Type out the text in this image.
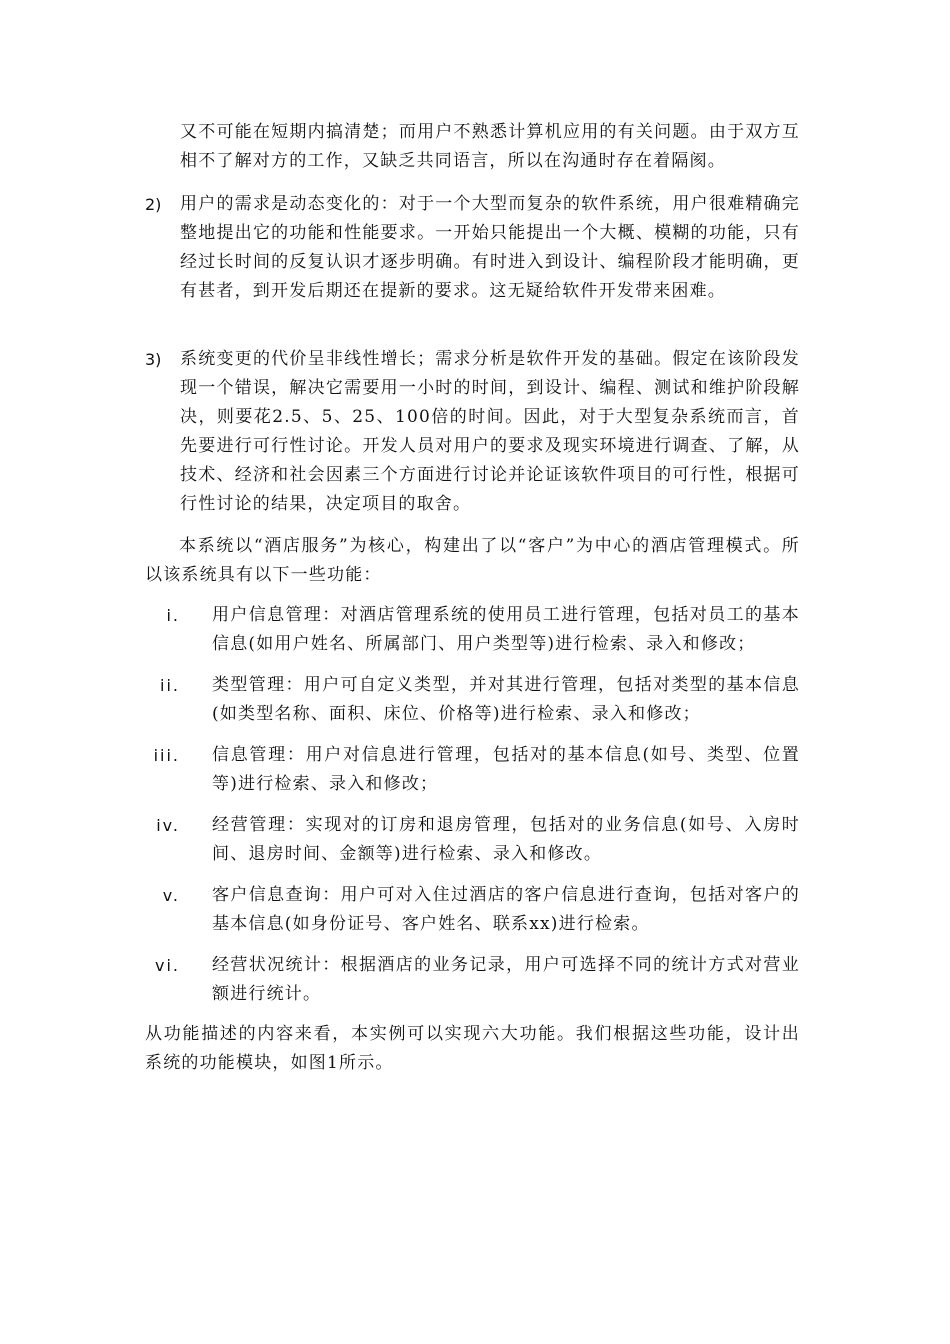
又不可能在短期内搞清楚；而用户不熟悉计算机应用的有关问题。由于双方互相不了解对方的工作，又缺乏共同语言，所以在沟通时存在着隔阂。
2)	用户的需求是动态变化的：对于一个大型而复杂的软件系统，用户很难精确完整地提出它的功能和性能要求。一开始只能提出一个大概、模糊的功能，只有经过长时间的反复认识才逐步明确。有时进入到设计、编程阶段才能明确，更有甚者，到开发后期还在提新的要求。这无疑给软件开发带来困难。
3)	系统变更的代价呈非线性增长；需求分析是软件开发的基础。假定在该阶段发现一个错误，解决它需要用一小时的时间，到设计、编程、测试和维护阶段解决，则要花2.5、5、25、100倍的时间。因此，对于大型复杂系统而言，首先要进行可行性讨论。开发人员对用户的要求及现实环境进行调查、了解，从技术、经济和社会因素三个方面进行讨论并论证该软件项目的可行性，根据可行性讨论的结果，决定项目的取舍。
本系统以“酒店服务”为核心，构建出了以“客户”为中心的酒店管理模式。所以该系统具有以下一些功能：
i. 用户信息管理：对酒店管理系统的使用员工进行管理，包括对员工的基本信息(如用户姓名、所属部门、用户类型等)进行检索、录入和修改；
ii. 类型管理：用户可自定义类型，并对其进行管理，包括对类型的基本信息(如类型名称、面积、床位、价格等)进行检索、录入和修改；
iii. 信息管理：用户对信息进行管理，包括对的基本信息(如号、类型、位置等)进行检索、录入和修改；
iv. 经营管理：实现对的订房和退房管理，包括对的业务信息(如号、入房时间、退房时间、金额等)进行检索、录入和修改。
v. 客户信息查询：用户可对入住过酒店的客户信息进行查询，包括对客户的基本信息(如身份证号、客户姓名、联系xx)进行检索。
vi. 经营状况统计：根据酒店的业务记录，用户可选择不同的统计方式对营业额进行统计。
从功能描述的内容来看，本实例可以实现六大功能。我们根据这些功能，设计出系统的功能模块，如图1所示。
